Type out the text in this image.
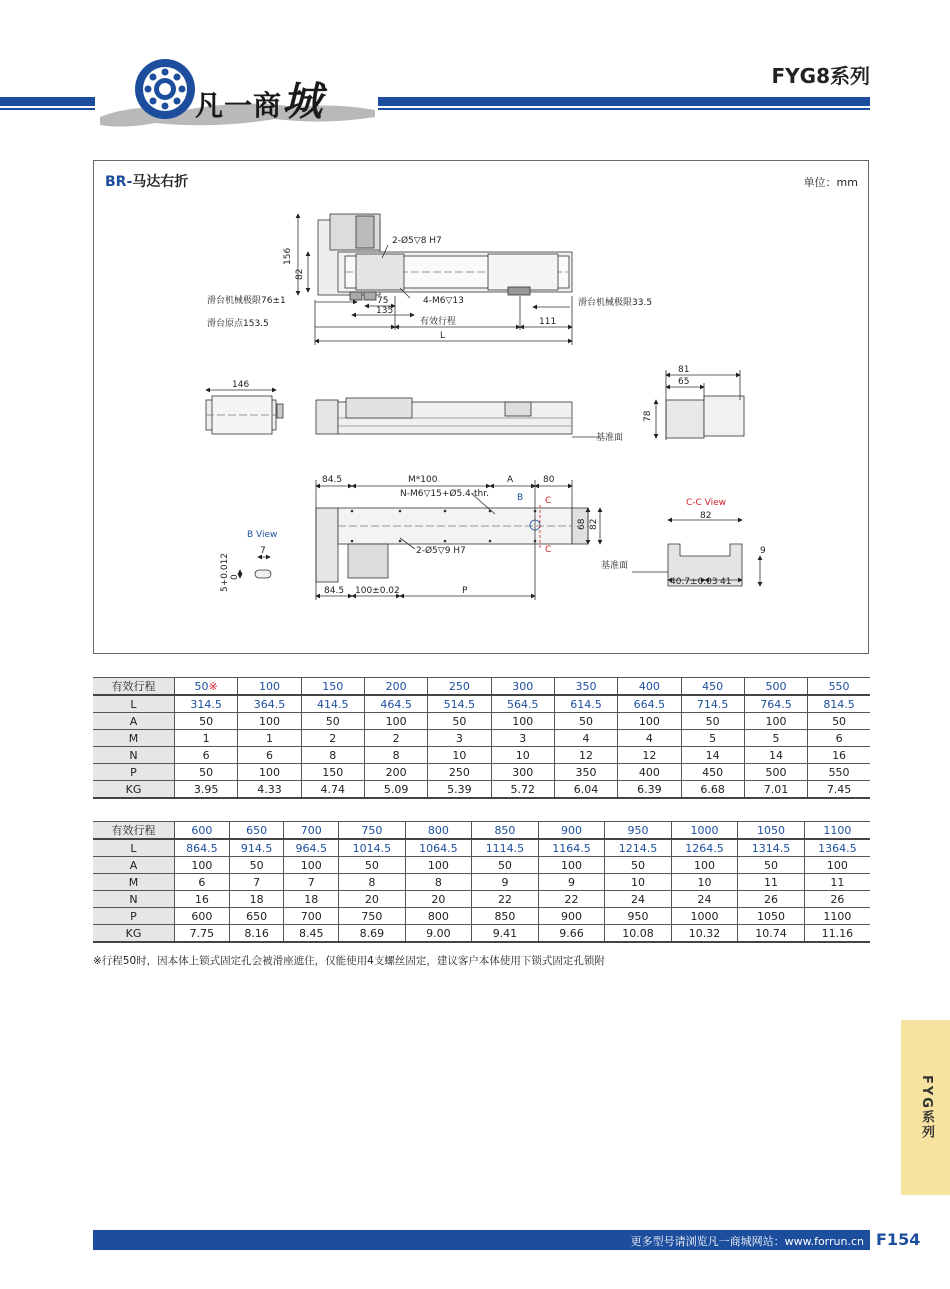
凡一商城
FYG8系列
BR-马达右折	单位：mm
2-Ø5▽8 H7
156
82
滑台机械极限76±1	75
135
4-M6▽13	滑台机械极限33.5
滑台原点153.5	有效行程	111
L
146
81
65
78
基准面
84.5	M*100	A	80
N-M6▽15+Ø5.4-thr.	B C
C
68 82
2-Ø5▽9 H7
B View
7
5+0.012 0
84.5 100±0.02	P
C-C View
82
9
基准面
40.7±0.03 41
有效行程	50※	100	150	200	250	300	350	400	450	500	550
L	314.5	364.5	414.5	464.5	514.5	564.5	614.5	664.5	714.5	764.5	814.5
A	50	100	50	100	50	100	50	100	50	100	50
M	1	1	2	2	3	3	4	4	5	5	6
N	6	6	8	8	10	10	12	12	14	14	16
P	50	100	150	200	250	300	350	400	450	500	550
KG	3.95	4.33	4.74	5.09	5.39	5.72	6.04	6.39	6.68	7.01	7.45
有效行程	600	650	700	750	800	850	900	950	1000	1050	1100
L	864.5	914.5	964.5	1014.5	1064.5	1114.5	1164.5	1214.5	1264.5	1314.5	1364.5
A	100	50	100	50	100	50	100	50	100	50	100
M	6	7	7	8	8	9	9	10	10	11	11
N	16	18	18	20	20	22	22	24	24	26	26
P	600	650	700	750	800	850	900	950	1000	1050	1100
KG	7.75	8.16	8.45	8.69	9.00	9.41	9.66	10.08	10.32	10.74	11.16
※行程50时，因本体上锁式固定孔会被滑座遮住，仅能使用4支螺丝固定，建议客户本体使用下锁式固定孔锁附
FYG系列
更多型号请浏览凡一商城网站：www.forrun.cn F154
